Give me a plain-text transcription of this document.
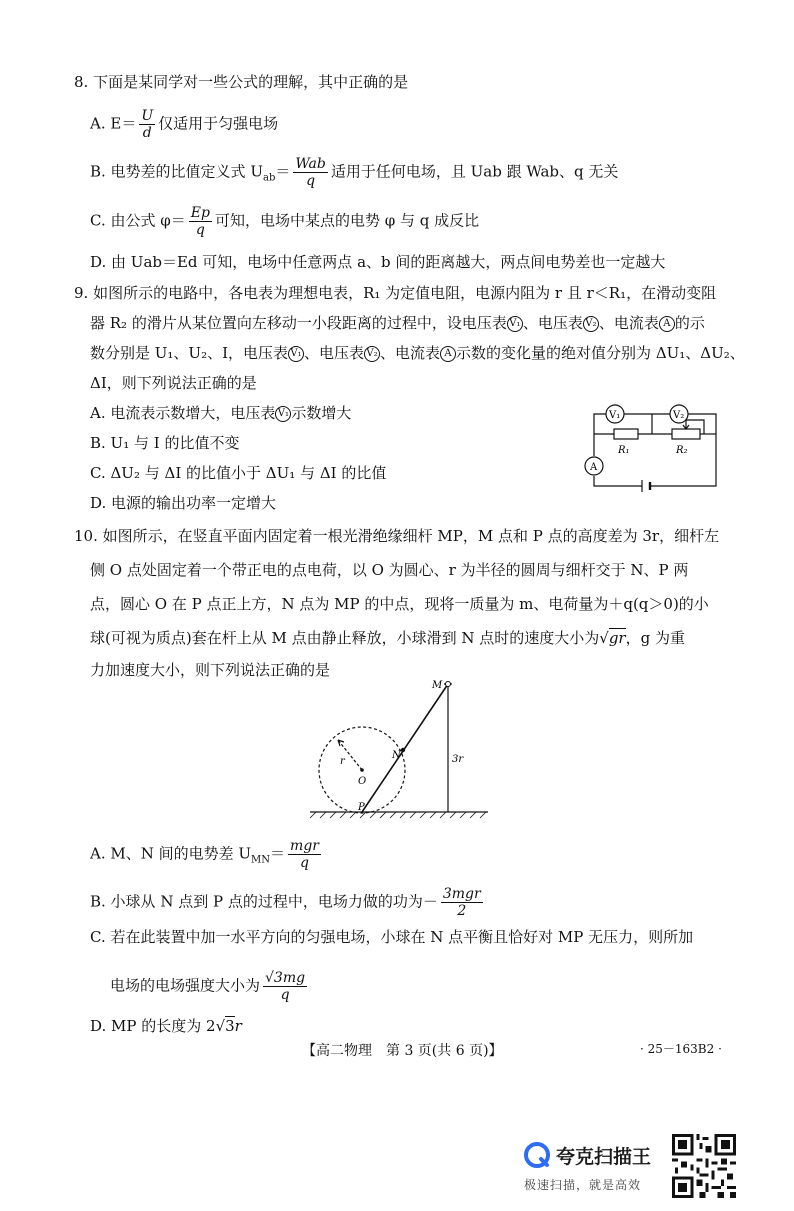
8. 下面是某同学对一些公式的理解，其中正确的是
A. $E= \frac{U}{d}$ 仅适用于匀强电场
B. 电势差的比值定义式 $U_{ab}= \frac{\text{Wab}}{q}$ 适用于任何电场，且 Uab 跟 Wab、q 无关
C. 由公式 $\varphi= \frac{Ep}{q}$ 可知，电场中某点的电势 φ 与 q 成反比
D. 由 Uab＝Ed 可知，电场中任意两点 a、b 间的距离越大，两点间电势差也一定越大
9. 如图所示的电路中，各电表为理想电表，R₁ 为定值电阻，电源内阻为 r 且 r＜R₁，在滑动变阻
器 R₂ 的滑片从某位置向左移动一小段距离的过程中，设电压表 V₁ 、电压表 V₂ 、电流表 A 的示
数分别是 U₁、U₂、I，电压表 V₁ 、电压表 V₂ 、电流表 A 示数的变化量的绝对值分别为 ΔU₁、ΔU₂、
ΔI，则下列说法正确的是
A. 电流表示数增大，电压表 V₁ 示数增大
B. U₁ 与 I 的比值不变
C. ΔU₂ 与 ΔI 的比值小于 ΔU₁ 与 ΔI 的比值
D. 电源的输出功率一定增大
V₁	V₂
A
R₁	R₂
10. 如图所示，在竖直平面内固定着一根光滑绝缘细杆 MP，M 点和 P 点的高度差为 3r，细杆左
侧 O 点处固定着一个带正电的点电荷，以 O 为圆心、r 为半径的圆周与细杆交于 N、P 两
点，圆心 O 在 P 点正上方，N 点为 MP 的中点，现将一质量为 m、电荷量为＋q(q＞0)的小
球(可视为质点)套在杆上从 M 点由静止释放，小球滑到 N 点时的速度大小为√gr，g 为重
力加速度大小，则下列说法正确的是
M
N
O
P
r	3r
A. M、N 间的电势差 $U_{MN}= \frac{\text{mgr}}{q}$
B. 小球从 N 点到 P 点的过程中，电场力做的功为－ $\frac{\text{3mgr}}{2}$
C. 若在此装置中加一水平方向的匀强电场，小球在 N 点平衡且恰好对 MP 无压力，则所加
电场的电场强度大小为 $\frac{√3mg}{q}$
D. MP 的长度为 2√3r
【高二物理　第 3 页(共 6 页)】	· 25－163B2 ·
夸克扫描王
极速扫描，就是高效
